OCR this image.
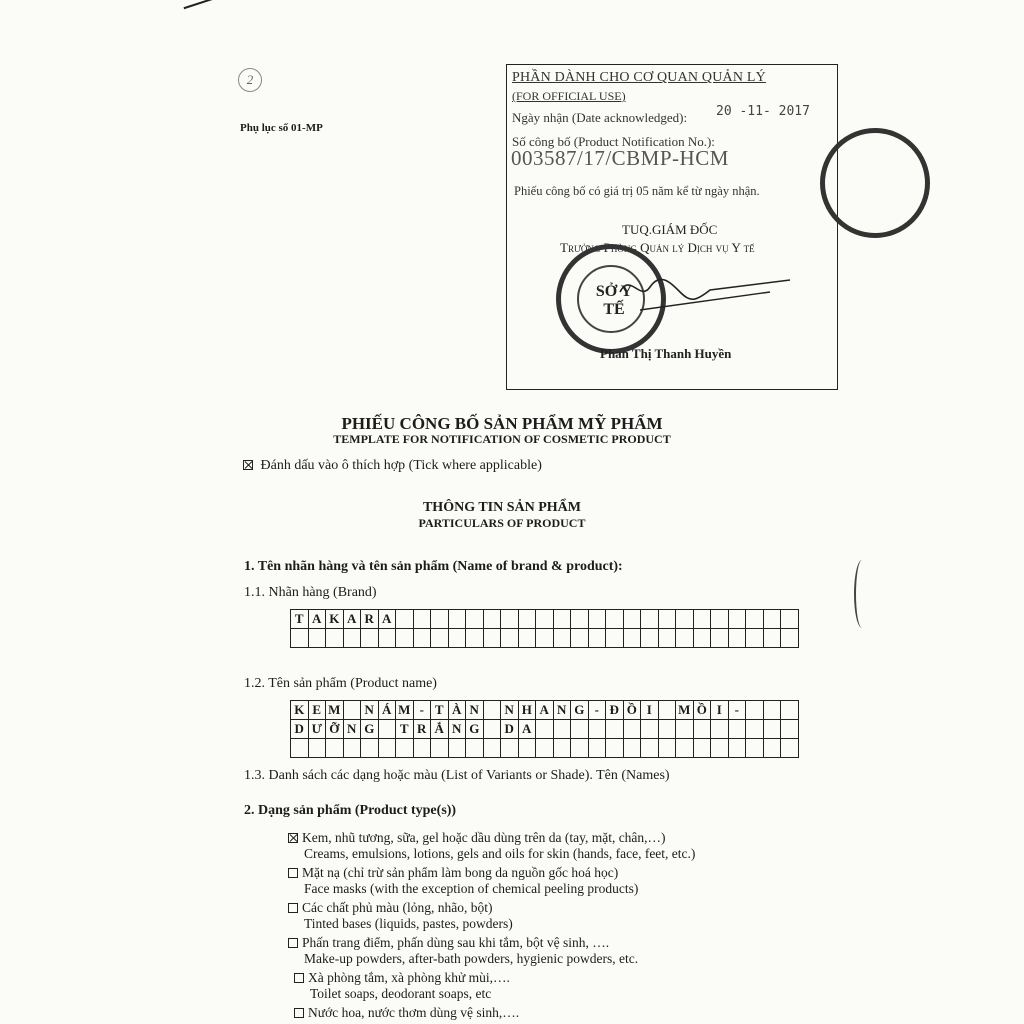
2
Phụ lục số 01-MP
PHẦN DÀNH CHO CƠ QUAN QUẢN LÝ
(FOR OFFICIAL USE)
Ngày nhận (Date acknowledged): 20 -11- 2017
Số công bố (Product Notification No.):
003587/17/CBMP-HCM
Phiếu công bố có giá trị 05 năm kể từ ngày nhận.
TUQ.GIÁM ĐỐC
Trưởng Phòng Quản lý Dịch vụ Y tế
SỞ Y TẾ
Phan Thị Thanh Huyền
PHIẾU CÔNG BỐ SẢN PHẨM MỸ PHẨM
TEMPLATE FOR NOTIFICATION OF COSMETIC PRODUCT
Đánh dấu vào ô thích hợp (Tick where applicable)
THÔNG TIN SẢN PHẨM
PARTICULARS OF PRODUCT
1. Tên nhãn hàng và tên sản phẩm (Name of brand & product):
1.1. Nhãn hàng (Brand)
T	A	K	A	R	A																							

1.2. Tên sản phẩm (Product name)
K	E	M		N	Á	M	-	T	À	N		N	H	A	N	G	-	Đ	Ồ	I		M	Ồ	I	-			
D	Ư	Ỡ	N	G		T	R	Ắ	N	G		D	A															

1.3. Danh sách các dạng hoặc màu (List of Variants or Shade). Tên (Names)
2. Dạng sản phẩm (Product type(s))
Kem, nhũ tương, sữa, gel hoặc dầu dùng trên da (tay, mặt, chân,…)
Creams, emulsions, lotions, gels and oils for skin (hands, face, feet, etc.)
Mặt nạ (chỉ trừ sản phẩm làm bong da nguồn gốc hoá học)
Face masks (with the exception of chemical peeling products)
Các chất phủ màu (lỏng, nhão, bột)
Tinted bases (liquids, pastes, powders)
Phấn trang điểm, phấn dùng sau khi tắm, bột vệ sinh, ….
Make-up powders, after-bath powders, hygienic powders, etc.
Xà phòng tắm, xà phòng khử mùi,….
Toilet soaps, deodorant soaps, etc
Nước hoa, nước thơm dùng vệ sinh,….
